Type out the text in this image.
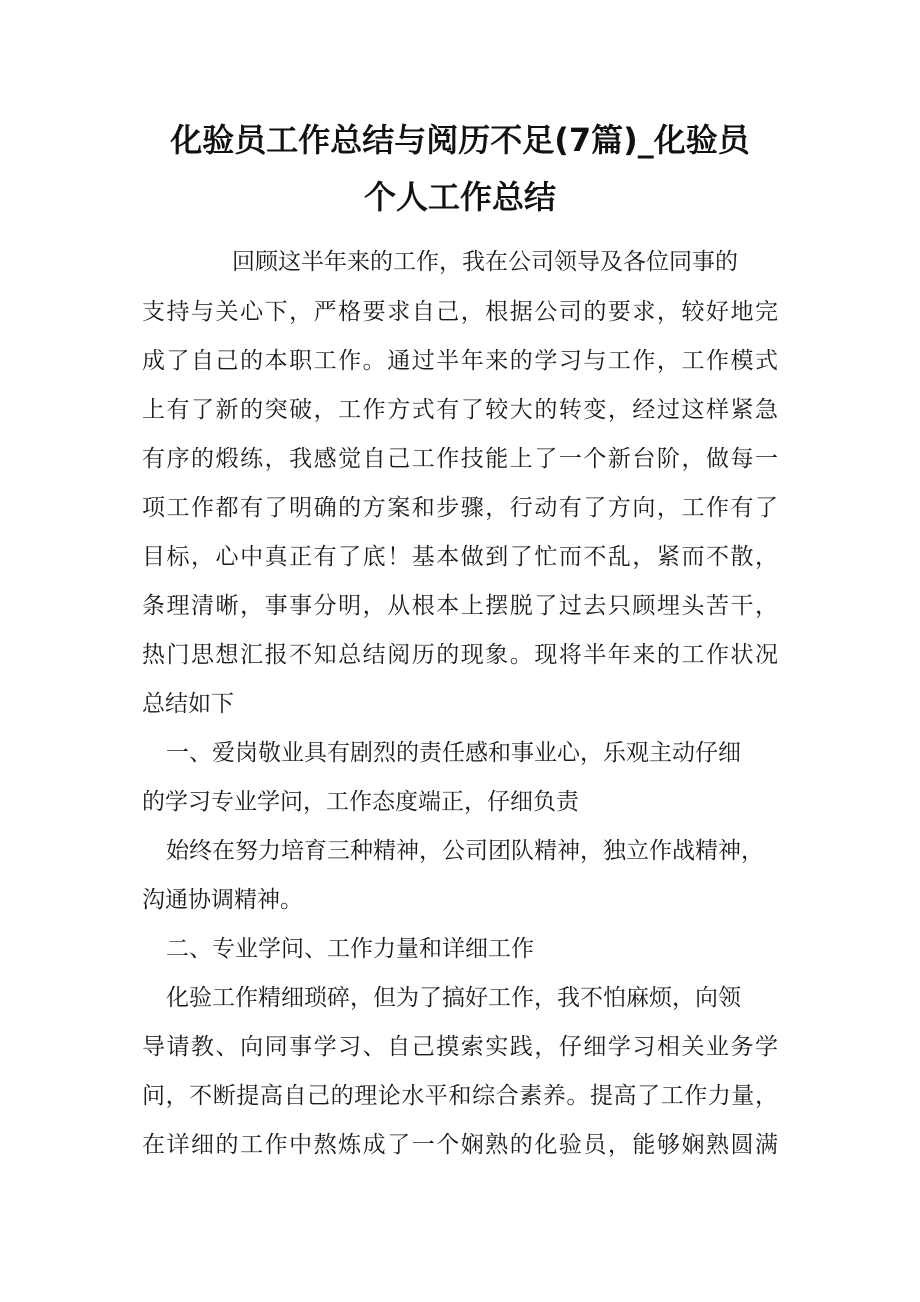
化验员工作总结与阅历不足(7篇)_化验员
个人工作总结
回顾这半年来的工作，我在公司领导及各位同事的
支持与关心下，严格要求自己，根据公司的要求，较好地完
成了自己的本职工作。通过半年来的学习与工作，工作模式
上有了新的突破，工作方式有了较大的转变，经过这样紧急
有序的煅练，我感觉自己工作技能上了一个新台阶，做每一
项工作都有了明确的方案和步骤，行动有了方向，工作有了
目标，心中真正有了底！基本做到了忙而不乱，紧而不散，
条理清晰，事事分明，从根本上摆脱了过去只顾埋头苦干，
热门思想汇报不知总结阅历的现象。现将半年来的工作状况
总结如下
一、爱岗敬业具有剧烈的责任感和事业心，乐观主动仔细
的学习专业学问，工作态度端正，仔细负责
始终在努力培育三种精神，公司团队精神，独立作战精神，
沟通协调精神。
二、专业学问、工作力量和详细工作
化验工作精细琐碎，但为了搞好工作，我不怕麻烦，向领
导请教、向同事学习、自己摸索实践，仔细学习相关业务学
问，不断提高自己的理论水平和综合素养。提高了工作力量，
在详细的工作中熬炼成了一个娴熟的化验员，能够娴熟圆满
